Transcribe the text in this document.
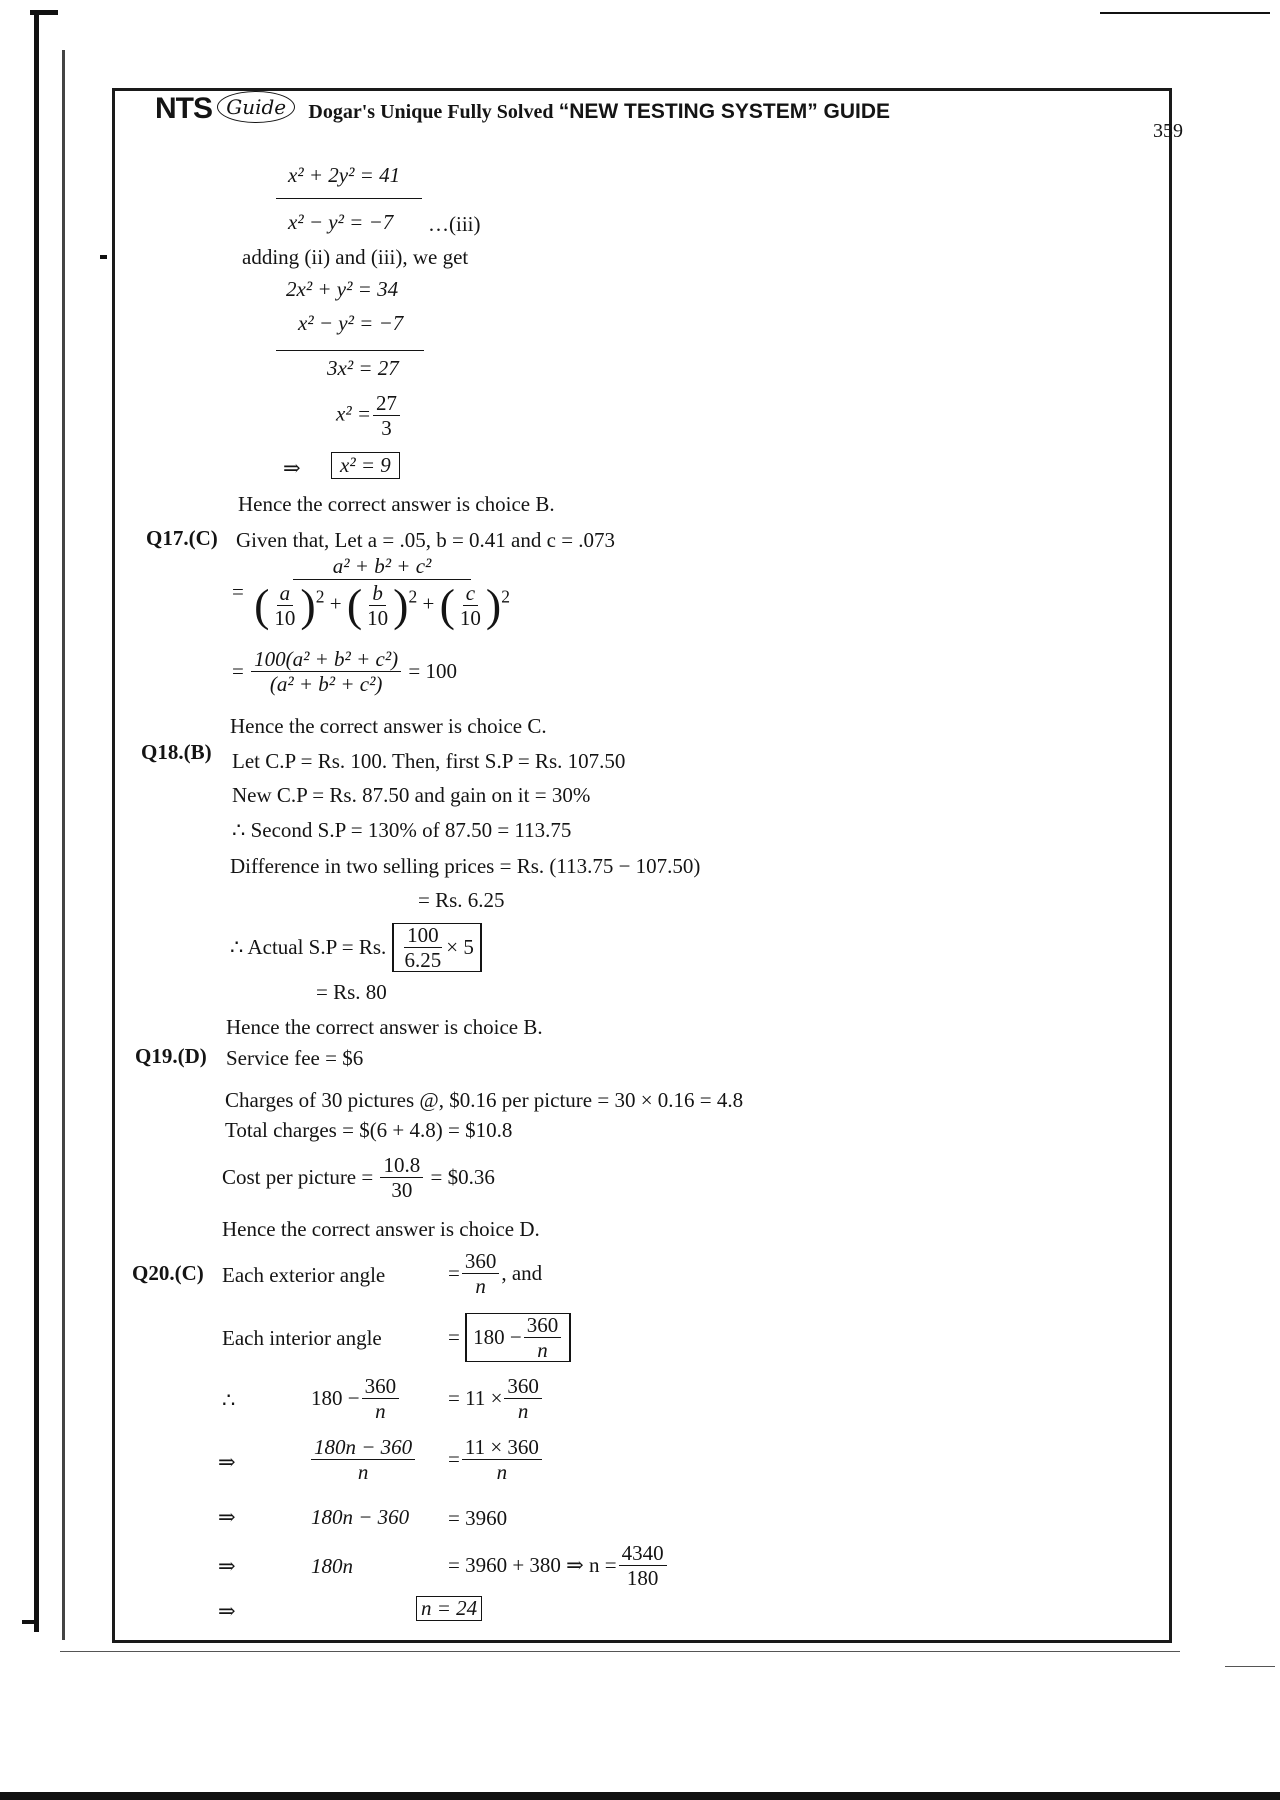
NTS Guide Dogar's Unique Fully Solved “NEW TESTING SYSTEM” GUIDE
359
x² + 2y² = 41
x² − y² = −7 …(iii)
adding (ii) and (iii), we get
2x² + y² = 34
x² − y² = −7
3x² = 27
$x^2 = \frac{27}{3}$
⇒	x² = 9
Hence the correct answer is choice B.
Q17.(C) Given that, Let a = .05, b = 0.41 and c = .073
= $\frac{\text{a² + b² + c²}}{( \frac{a}{10} )^2 + ( \frac{b}{10} )^2 + ( \frac{c}{10} )^2}$
= $\frac{\text{100(a² + b² + c²)}}{\text{(a² + b² + c²)}} = 100$
Hence the correct answer is choice C.
Q18.(B) Let C.P = Rs. 100. Then, first S.P = Rs. 107.50
New C.P = Rs. 87.50 and gain on it = 30%
∴ Second S.P = 130% of 87.50 = 113.75
Difference in two selling prices = Rs. (113.75 − 107.50)
= Rs. 6.25
∴ Actual S.P = Rs. $\frac{100}{6.25} \times 5$
= Rs. 80
Hence the correct answer is choice B.
Q19.(D) Service fee = $6
Charges of 30 pictures @, $0.16 per picture = 30 × 0.16 = 4.8
Total charges = $(6 + 4.8) = $10.8
Cost per picture = $\frac{10.8}{30}$ = $0.36
Hence the correct answer is choice D.
Q20.(C) Each exterior angle	= $\frac{360}{n}$ , and
Each interior angle	= $180 - \frac{360}{n}$
∴	$180 - \frac{360}{n} = 11 \times \frac{360}{n}$
⇒	$\frac{180n - 360}{n} = \frac{11 \times 360}{n}$
⇒	180n − 360 = 3960
⇒	180n	= 3960 + 380 ⇒ $n = \frac{4340}{180}$
⇒	n = 24
